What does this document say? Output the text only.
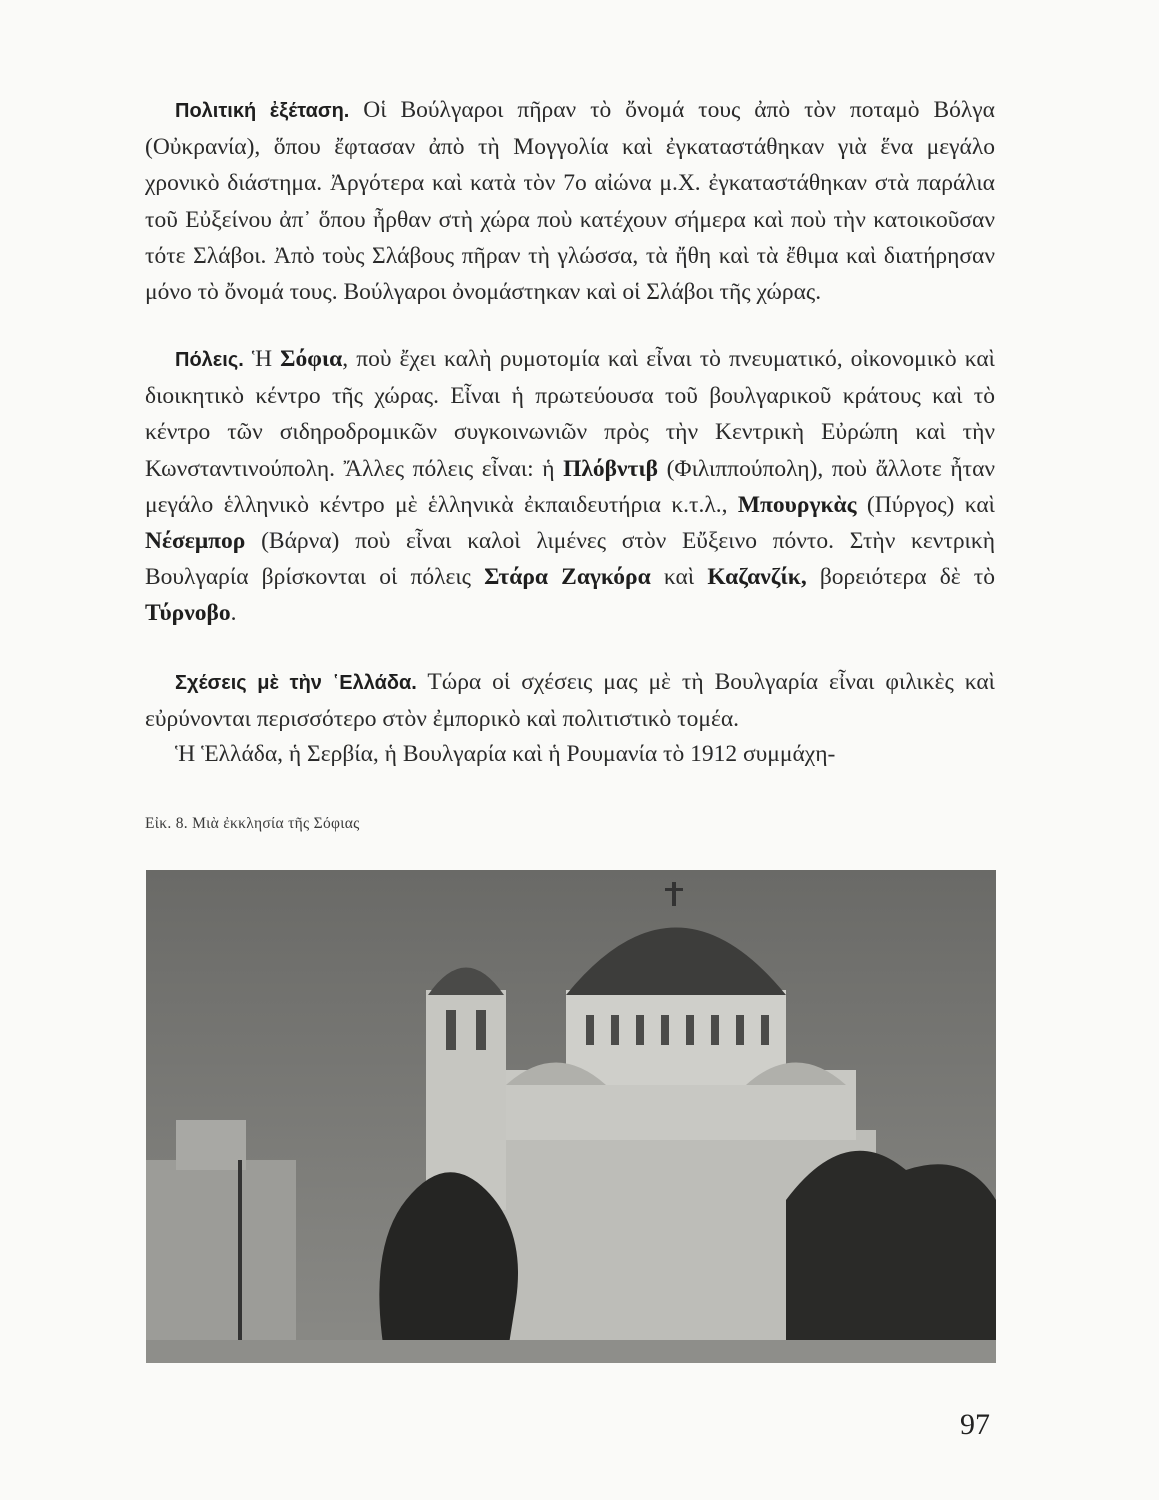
Πολιτική ἐξέταση. Οἱ Βούλγαροι πῆραν τὸ ὄνομά τους ἀπὸ τὸν ποταμὸ Βόλγα (Οὐκρανία), ὅπου ἔφτασαν ἀπὸ τὴ Μογγολία καὶ ἐγκαταστάθηκαν γιὰ ἕνα μεγάλο χρονικὸ διάστημα. Ἀργότερα καὶ κατὰ τὸν 7ο αἰώνα μ.Χ. ἐγκαταστάθηκαν στὰ παράλια τοῦ Εὐξείνου ἀπ᾿ ὅπου ἦρθαν στὴ χώρα ποὺ κατέχουν σήμερα καὶ ποὺ τὴν κατοικοῦσαν τότε Σλάβοι. Ἀπὸ τοὺς Σλάβους πῆραν τὴ γλώσσα, τὰ ἤθη καὶ τὰ ἔθιμα καὶ διατήρησαν μόνο τὸ ὄνομά τους. Βούλγαροι ὀνομάστηκαν καὶ οἱ Σλάβοι τῆς χώρας.

Πόλεις. Ἡ Σόφια, ποὺ ἔχει καλὴ ρυμοτομία καὶ εἶναι τὸ πνευματικό, οἰκονομικὸ καὶ διοικητικὸ κέντρο τῆς χώρας. Εἶναι ἡ πρωτεύουσα τοῦ βουλγαρικοῦ κράτους καὶ τὸ κέντρο τῶν σιδηροδρομικῶν συγκοινωνιῶν πρὸς τὴν Κεντρικὴ Εὐρώπη καὶ τὴν Κωνσταντινούπολη. Ἄλλες πόλεις εἶναι: ἡ Πλόβντιβ (Φιλιππούπολη), ποὺ ἄλλοτε ἦταν μεγάλο ἑλληνικὸ κέντρο μὲ ἑλληνικὰ ἐκπαιδευτήρια κ.τ.λ., Μπουργκὰς (Πύργος) καὶ Νέσεμπορ (Βάρνα) ποὺ εἶναι καλοὶ λιμένες στὸν Εὔξεινο πόντο. Στὴν κεντρικὴ Βουλγαρία βρίσκονται οἱ πόλεις Στάρα Ζαγκόρα καὶ Καζανζίκ, βορειότερα δὲ τὸ Τύρνοβο.

Σχέσεις μὲ τὴν ῾Ελλάδα. Τώρα οἱ σχέσεις μας μὲ τὴ Βουλγαρία εἶναι φιλικὲς καὶ εὐρύνονται περισσότερο στὸν ἐμπορικὸ καὶ πολιτιστικὸ τομέα.

Ἡ Ἑλλάδα, ἡ Σερβία, ἡ Βουλγαρία καὶ ἡ Ρουμανία τὸ 1912 συμμάχη-

Εἰκ. 8. Μιὰ ἐκκλησία τῆς Σόφιας
97
